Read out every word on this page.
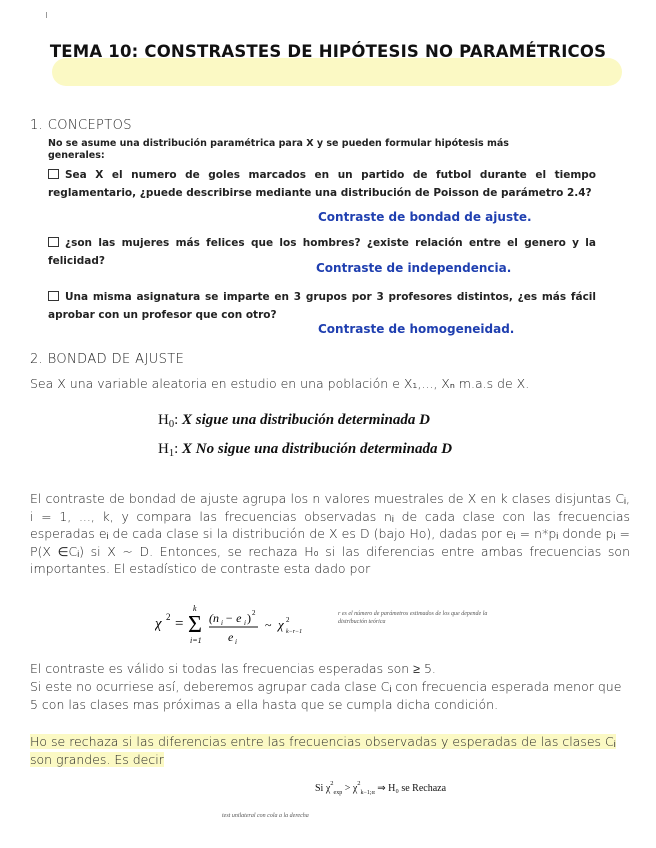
TEMA 10: CONSTRASTES DE HIPÓTESIS NO PARAMÉTRICOS
1. CONCEPTOS
No se asume una distribución paramétrica para X y se pueden formular hipótesis más generales:
Sea X el numero de goles marcados en un partido de futbol durante el tiempo reglamentario, ¿puede describirse mediante una distribución de Poisson de parámetro 2.4?
Contraste de bondad de ajuste.
¿son las mujeres más felices que los hombres? ¿existe relación entre el genero y la felicidad?	Contraste de independencia.
Una misma asignatura se imparte en 3 grupos por 3 profesores distintos, ¿es más fácil aprobar con un profesor que con otro?
Contraste de homogeneidad.
2. BONDAD DE AJUSTE
Sea X una variable aleatoria en estudio en una población e X₁,..., Xₙ m.a.s de X.
$H_0$: X sigue una distribución determinada D
$H_1$: X No sigue una distribución determinada D
El contraste de bondad de ajuste agrupa los n valores muestrales de X en k clases disjuntas Cᵢ, i = 1, ..., k, y compara las frecuencias observadas nᵢ de cada clase con las frecuencias esperadas eᵢ de cada clase si la distribución de X es D (bajo Ho), dadas por eᵢ = n*pᵢ donde pᵢ = P(X ∈Cᵢ) si X ~ D. Entonces, se rechaza H₀ si las diferencias entre ambas frecuencias son importantes. El estadístico de contraste esta dado por
χ 2 = Σ
k
i=1
(n i − e i ) 2
e i
~ χ 2
k−r−1
r es el número de parámetros estimados de los que depende la distribución teórica
El contraste es válido si todas las frecuencias esperadas son ≥ 5.
Si este no ocurriese así, deberemos agrupar cada clase Cᵢ con frecuencia esperada menor que 5 con las clases mas próximas a ella hasta que se cumpla dicha condición.
Ho se rechaza si las diferencias entre las frecuencias observadas y esperadas de las clases Cᵢ son grandes. Es decir
Si $\chi^2_{exp} > \chi^2_{k-1;\alpha}$ ⇒ H₀ se Rechaza
test unilateral con cola a la derecha
